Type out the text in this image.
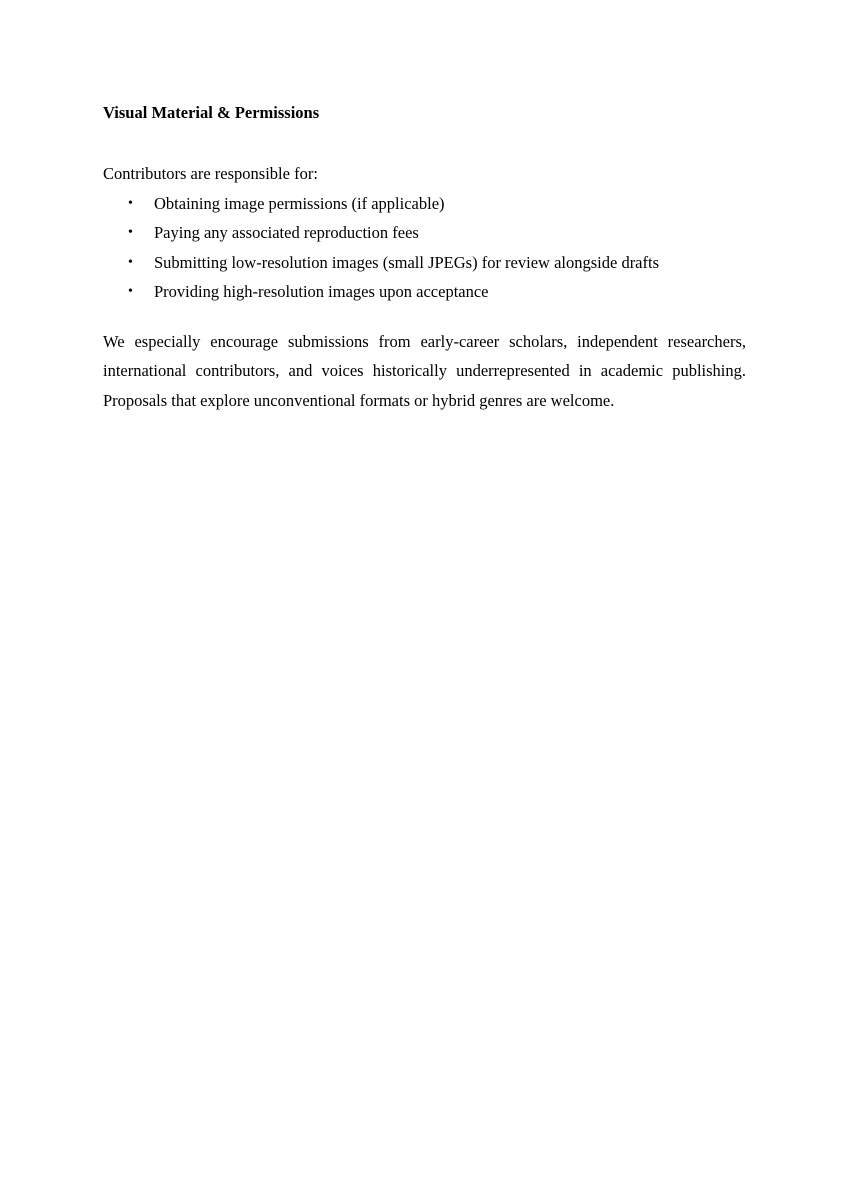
Visual Material & Permissions

Contributors are responsible for:

• Obtaining image permissions (if applicable)
• Paying any associated reproduction fees
• Submitting low-resolution images (small JPEGs) for review alongside drafts
• Providing high-resolution images upon acceptance

We especially encourage submissions from early-career scholars, independent researchers, international contributors, and voices historically underrepresented in academic publishing. Proposals that explore unconventional formats or hybrid genres are welcome.
